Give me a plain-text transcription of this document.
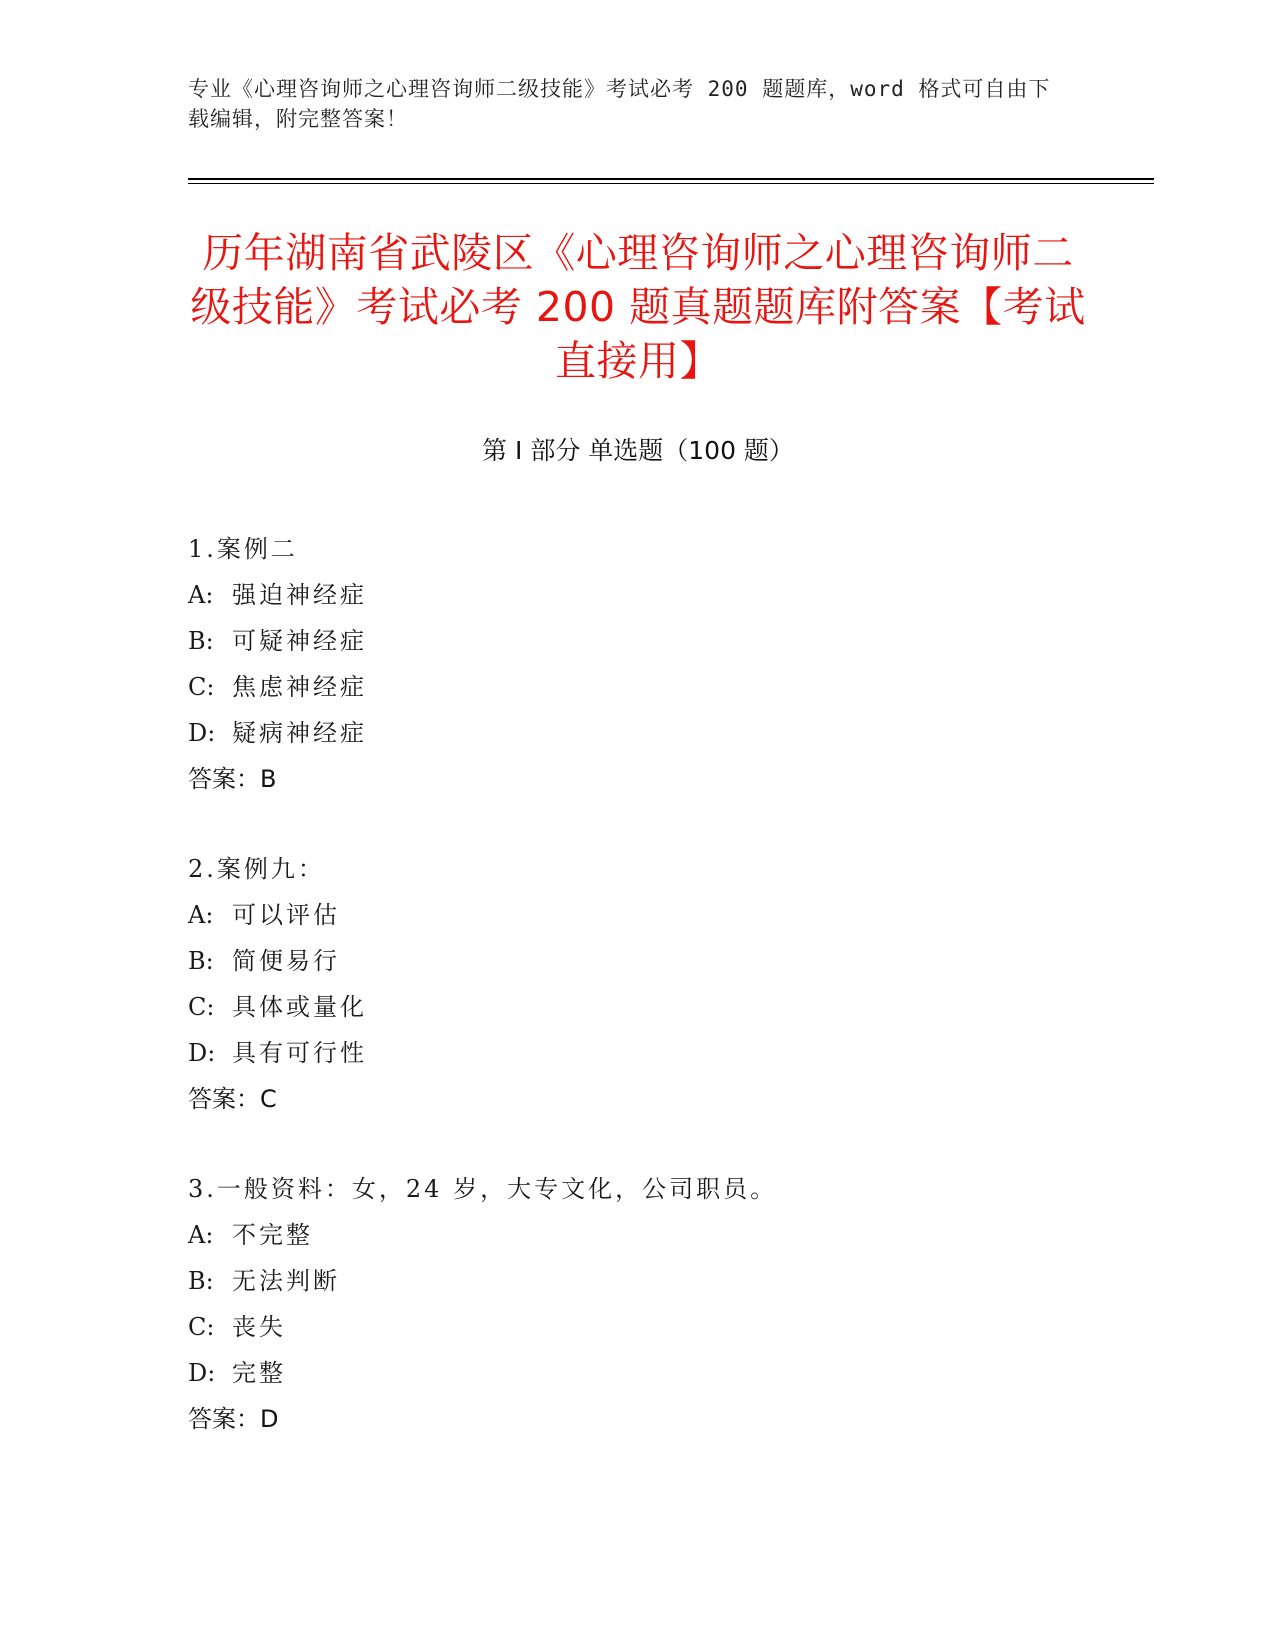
专业《心理咨询师之心理咨询师二级技能》考试必考 200 题题库，word 格式可自由下载编辑，附完整答案！
历年湖南省武陵区《心理咨询师之心理咨询师二级技能》考试必考 200 题真题题库附答案【考试直接用】
第 I 部分 单选题（100 题）
1.案例二
A: 强迫神经症
B: 可疑神经症
C: 焦虑神经症
D: 疑病神经症
答案：B
2.案例九：
A: 可以评估
B: 简便易行
C: 具体或量化
D: 具有可行性
答案：C
3.一般资料：女，24 岁，大专文化，公司职员。
A: 不完整
B: 无法判断
C: 丧失
D: 完整
答案：D
